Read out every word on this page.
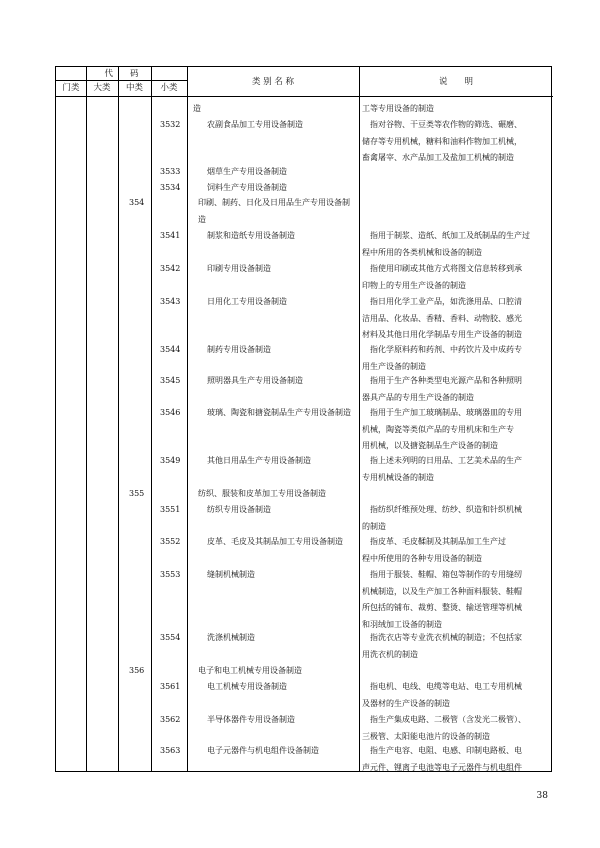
代　　码
门类	大类	中类	小类
类 别 名 称	说　　明
造	工等专用设备的制造
3532	农副食品加工专用设备制造	指对谷物、干豆类等农作物的筛选、碾磨、
储存等专用机械，糖料和油料作物加工机械，
畜禽屠宰、水产品加工及盐加工机械的制造
3533	烟草生产专用设备制造
3534	饲料生产专用设备制造
354	印刷、制药、日化及日用品生产专用设备制造
3541	制浆和造纸专用设备制造	指用于制浆、造纸、纸加工及纸制品的生产过
程中所用的各类机械和设备的制造
3542	印刷专用设备制造	指使用印刷或其他方式将图文信息转移到承
印物上的专用生产设备的制造
3543	日用化工专用设备制造	指日用化学工业产品，如洗涤用品、口腔清
洁用品、化妆品、香精、香料、动物胶、感光
材料及其他日用化学制品专用生产设备的制造
3544	制药专用设备制造	指化学原料药和药剂、中药饮片及中成药专
用生产设备的制造
3545	照明器具生产专用设备制造	指用于生产各种类型电光源产品和各种照明
器具产品的专用生产设备的制造
3546	玻璃、陶瓷和搪瓷制品生产专用设备制造	指用于生产加工玻璃制品、玻璃器皿的专用
机械，陶瓷等类似产品的专用机床和生产专
用机械，以及搪瓷制品生产设备的制造
3549	其他日用品生产专用设备制造	指上述未列明的日用品、工艺美术品的生产
专用机械设备的制造
355	纺织、服装和皮革加工专用设备制造
3551	纺织专用设备制造	指纺织纤维预处理、纺纱、织造和针织机械
的制造
3552	皮革、毛皮及其制品加工专用设备制造	指皮革、毛皮鞣制及其制品加工生产过
程中所使用的各种专用设备的制造
3553	缝制机械制造	指用于服装、鞋帽、箱包等制作的专用缝纫
机械制造，以及生产加工各种面料服装、鞋帽
所包括的铺布、裁剪、整烫、输送管理等机械
和羽绒加工设备的制造
3554	洗涤机械制造	指洗衣店等专业洗衣机械的制造；不包括家
用洗衣机的制造
356	电子和电工机械专用设备制造
3561	电工机械专用设备制造	指电机、电线、电缆等电站、电工专用机械
及器材的生产设备的制造
3562	半导体器件专用设备制造	指生产集成电路、二极管（含发光二极管）、
三极管、太阳能电池片的设备的制造
3563	电子元器件与机电组件设备制造	指生产电容、电阻、电感、印制电路板、电
声元件、锂离子电池等电子元器件与机电组件
38
